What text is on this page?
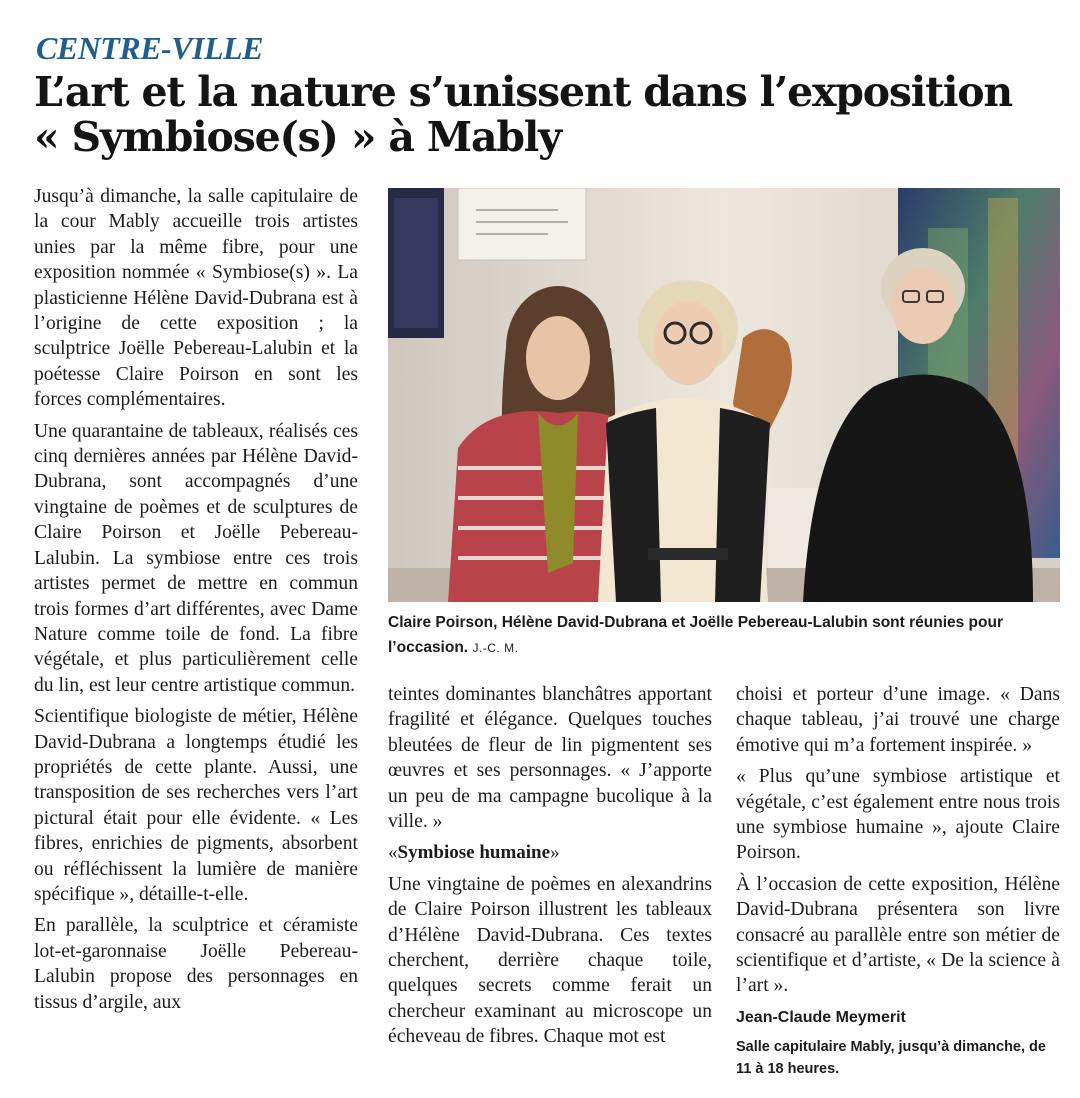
CENTRE-VILLE
L’art et la nature s’unissent dans l’exposition « Symbiose(s) » à Mably

Jusqu’à dimanche, la salle capitulaire de la cour Mably accueille trois artistes unies par la même fibre, pour une exposition nommée « Symbiose(s) ». La plasticienne Hélène David-Dubrana est à l’origine de cette exposition ; la sculptrice Joëlle Pebereau-Lalubin et la poétesse Claire Poirson en sont les forces complémentaires.

Une quarantaine de tableaux, réalisés ces cinq dernières années par Hélène David-Dubrana, sont accompagnés d’une vingtaine de poèmes et de sculptures de Claire Poirson et Joëlle Pebereau-Lalubin. La symbiose entre ces trois artistes permet de mettre en commun trois formes d’art différentes, avec Dame Nature comme toile de fond. La fibre végétale, et plus particulièrement celle du lin, est leur centre artistique commun.

Scientifique biologiste de métier, Hélène David-Dubrana a longtemps étudié les propriétés de cette plante. Aussi, une transposition de ses recherches vers l’art pictural était pour elle évidente. « Les fibres, enrichies de pigments, absorbent ou réfléchissent la lumière de manière spécifique », détaille-t-elle.

En parallèle, la sculptrice et céramiste lot-et-garonnaise Joëlle Pebereau-Lalubin propose des personnages en tissus d’argile, aux

Claire Poirson, Hélène David-Dubrana et Joëlle Pebereau-Lalubin sont réunies pour l’occasion. J.-C. M.

teintes dominantes blanchâtres apportant fragilité et élégance. Quelques touches bleutées de fleur de lin pigmentent ses œuvres et ses personnages. « J’apporte un peu de ma campagne bucolique à la ville. »

«Symbiose humaine»

Une vingtaine de poèmes en alexandrins de Claire Poirson illustrent les tableaux d’Hélène David-Dubrana. Ces textes cherchent, derrière chaque toile, quelques secrets comme ferait un chercheur examinant au microscope un écheveau de fibres. Chaque mot est

choisi et porteur d’une image. « Dans chaque tableau, j’ai trouvé une charge émotive qui m’a fortement inspirée. »

« Plus qu’une symbiose artistique et végétale, c’est également entre nous trois une symbiose humaine », ajoute Claire Poirson.

À l’occasion de cette exposition, Hélène David-Dubrana présentera son livre consacré au parallèle entre son métier de scientifique et d’artiste, « De la science à l’art ».

Jean-Claude Meymerit

Salle capitulaire Mably, jusqu’à dimanche, de 11 à 18 heures.
